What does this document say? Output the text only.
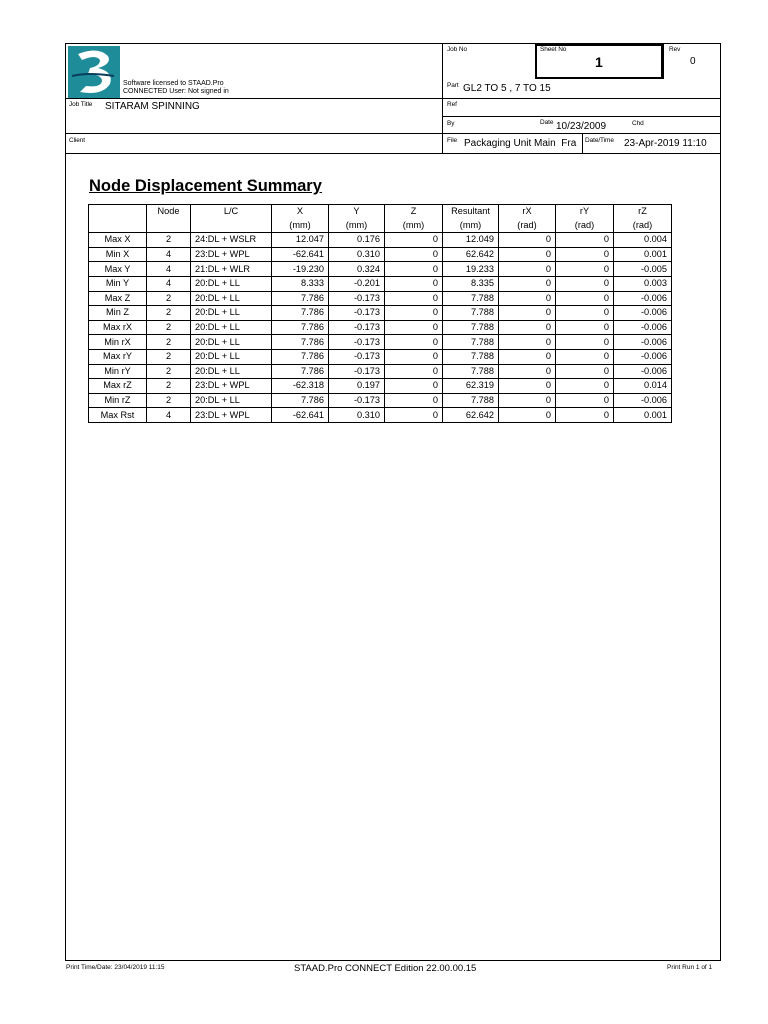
Software licensed to STAAD.Pro
CONNECTED User: Not signed in
Job No	Sheet No
1
Rev
0
Part GL2 TO 5 , 7 TO 15
Job Title SITARAM SPINNING	Ref
By	Date 10/23/2009	Chd
Client	File Packaging Unit Main  Fra	Date/Time 23-Apr-2019 11:10
Node Displacement Summary
	Node	L/C	X	Y	Z	Resultant	rX	rY	rZ
			(mm)	(mm)	(mm)	(mm)	(rad)	(rad)	(rad)
Max X	2	24:DL + WSLR	12.047	0.176	0	12.049	0	0	0.004
Min X	4	23:DL + WPL	-62.641	0.310	0	62.642	0	0	0.001
Max Y	4	21:DL + WLR	-19.230	0.324	0	19.233	0	0	-0.005
Min Y	4	20:DL + LL	8.333	-0.201	0	8.335	0	0	0.003
Max Z	2	20:DL + LL	7.786	-0.173	0	7.788	0	0	-0.006
Min Z	2	20:DL + LL	7.786	-0.173	0	7.788	0	0	-0.006
Max rX	2	20:DL + LL	7.786	-0.173	0	7.788	0	0	-0.006
Min rX	2	20:DL + LL	7.786	-0.173	0	7.788	0	0	-0.006
Max rY	2	20:DL + LL	7.786	-0.173	0	7.788	0	0	-0.006
Min rY	2	20:DL + LL	7.786	-0.173	0	7.788	0	0	-0.006
Max rZ	2	23:DL + WPL	-62.318	0.197	0	62.319	0	0	0.014
Min rZ	2	20:DL + LL	7.786	-0.173	0	7.788	0	0	-0.006
Max Rst	4	23:DL + WPL	-62.641	0.310	0	62.642	0	0	0.001
Print Time/Date: 23/04/2019 11:15	STAAD.Pro CONNECT Edition 22.00.00.15	Print Run 1 of 1
